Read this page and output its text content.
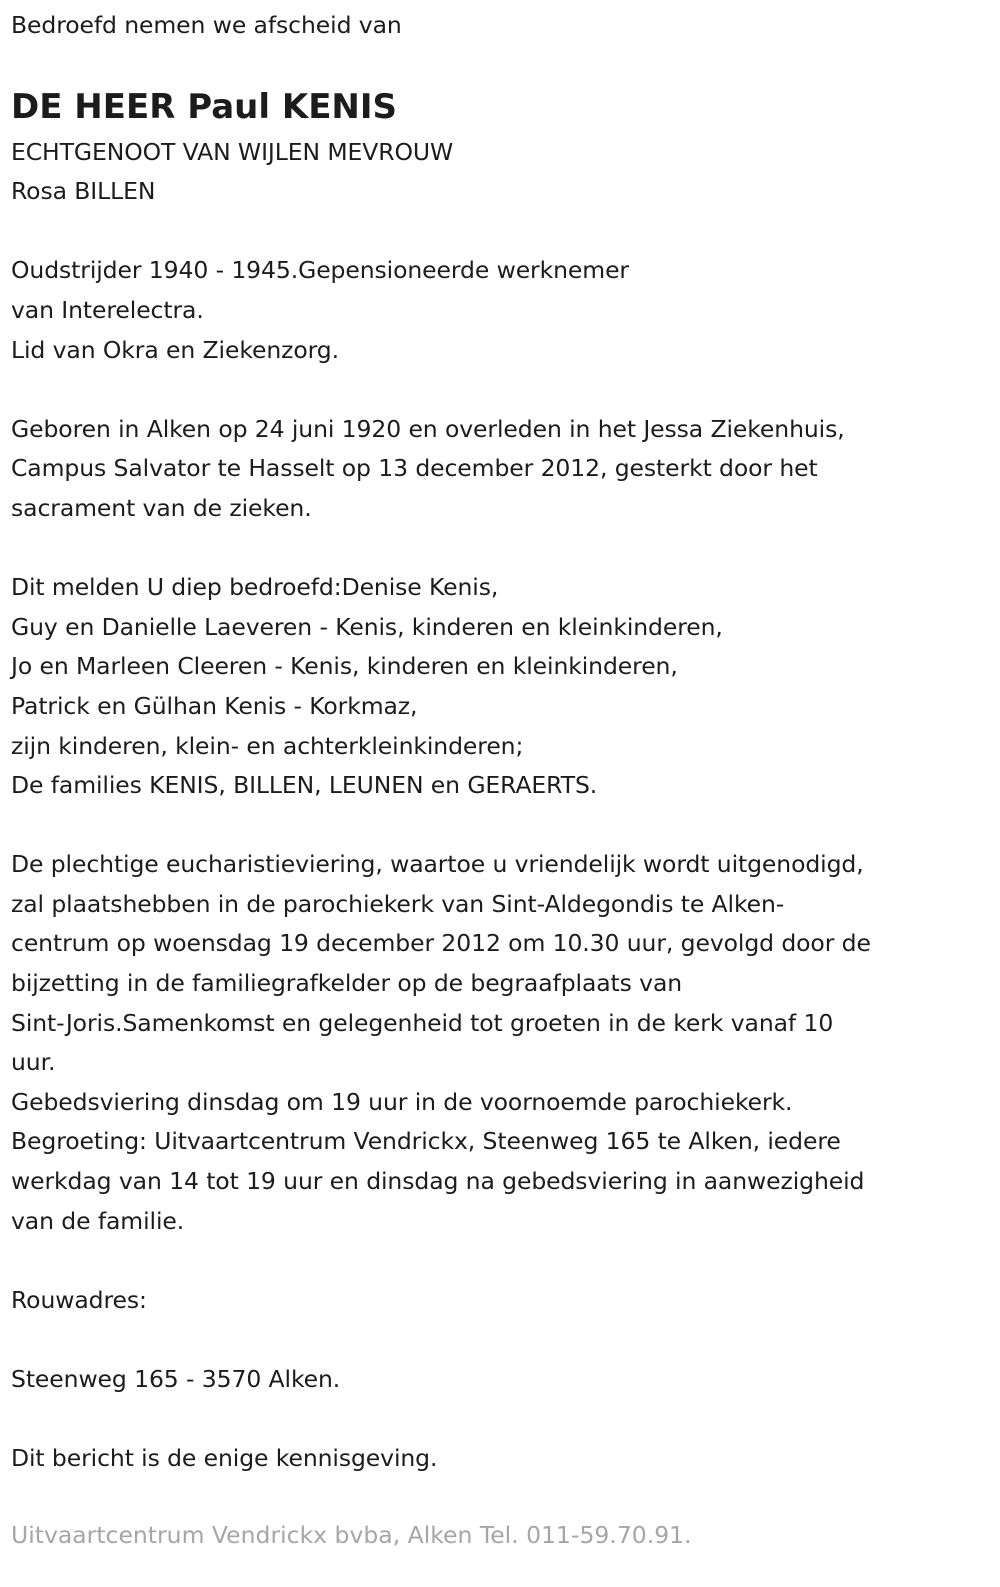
Bedroefd nemen we afscheid van
DE HEER Paul KENIS
ECHTGENOOT VAN WIJLEN MEVROUW
Rosa BILLEN
Oudstrijder 1940 - 1945.Gepensioneerde werknemer
van Interelectra.
Lid van Okra en Ziekenzorg.
Geboren in Alken op 24 juni 1920 en overleden in het Jessa Ziekenhuis,
Campus Salvator te Hasselt op 13 december 2012, gesterkt door het
sacrament van de zieken.
Dit melden U diep bedroefd:Denise Kenis,
Guy en Danielle Laeveren - Kenis, kinderen en kleinkinderen,
Jo en Marleen Cleeren - Kenis, kinderen en kleinkinderen,
Patrick en Gülhan Kenis - Korkmaz,
zijn kinderen, klein- en achterkleinkinderen;
De families KENIS, BILLEN, LEUNEN en GERAERTS.
De plechtige eucharistieviering, waartoe u vriendelijk wordt uitgenodigd,
zal plaatshebben in de parochiekerk van Sint-Aldegondis te Alken-
centrum op woensdag 19 december 2012 om 10.30 uur, gevolgd door de
bijzetting in de familiegrafkelder op de begraafplaats van
Sint-Joris.Samenkomst en gelegenheid tot groeten in de kerk vanaf 10
uur.
Gebedsviering dinsdag om 19 uur in de voornoemde parochiekerk.
Begroeting: Uitvaartcentrum Vendrickx, Steenweg 165 te Alken, iedere
werkdag van 14 tot 19 uur en dinsdag na gebedsviering in aanwezigheid
van de familie.
Rouwadres:
Steenweg 165 - 3570 Alken.
Dit bericht is de enige kennisgeving.
Uitvaartcentrum Vendrickx bvba, Alken Tel. 011-59.70.91.
